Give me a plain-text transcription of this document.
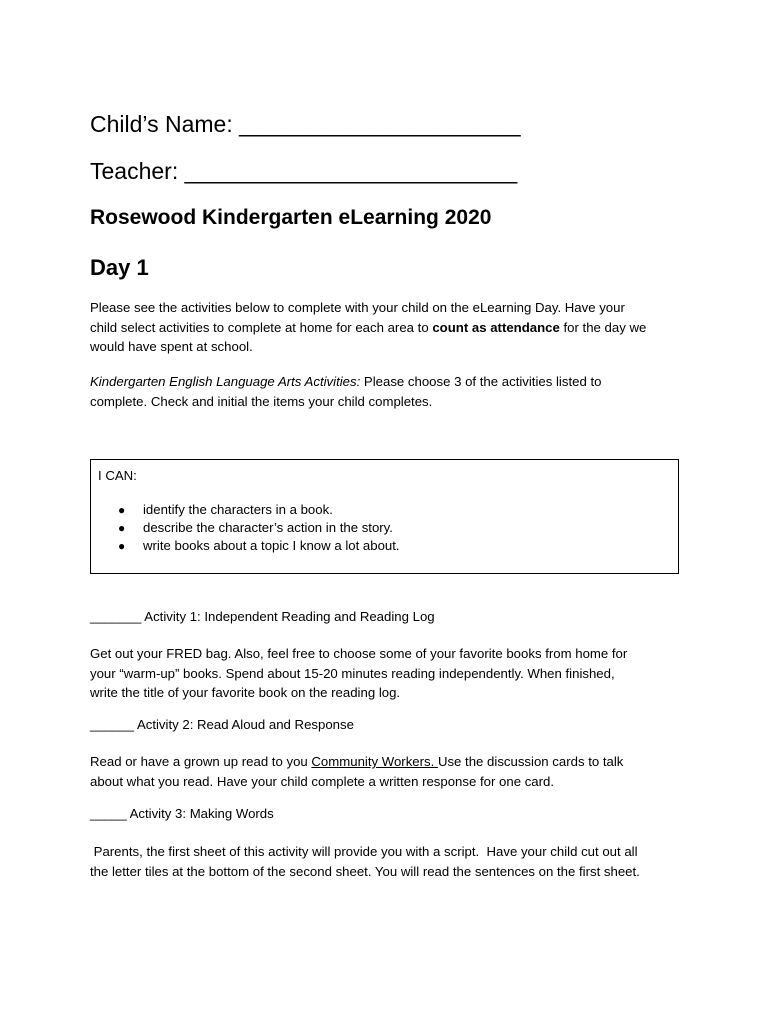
Child’s Name: ______________________
Teacher: __________________________
Rosewood Kindergarten eLearning 2020
Day 1
Please see the activities below to complete with your child on the eLearning Day. Have your
child select activities to complete at home for each area to count as attendance for the day we
would have spent at school.
Kindergarten English Language Arts Activities: Please choose 3 of the activities listed to
complete. Check and initial the items your child completes.
I CAN:
● identify the characters in a book.
● describe the character’s action in the story.
● write books about a topic I know a lot about.
_______ Activity 1: Independent Reading and Reading Log
Get out your FRED bag. Also, feel free to choose some of your favorite books from home for
your “warm-up” books. Spend about 15-20 minutes reading independently. When finished,
write the title of your favorite book on the reading log.
______ Activity 2: Read Aloud and Response
Read or have a grown up read to you Community Workers. Use the discussion cards to talk
about what you read. Have your child complete a written response for one card.
_____ Activity 3: Making Words
Parents, the first sheet of this activity will provide you with a script.  Have your child cut out all
the letter tiles at the bottom of the second sheet. You will read the sentences on the first sheet.
